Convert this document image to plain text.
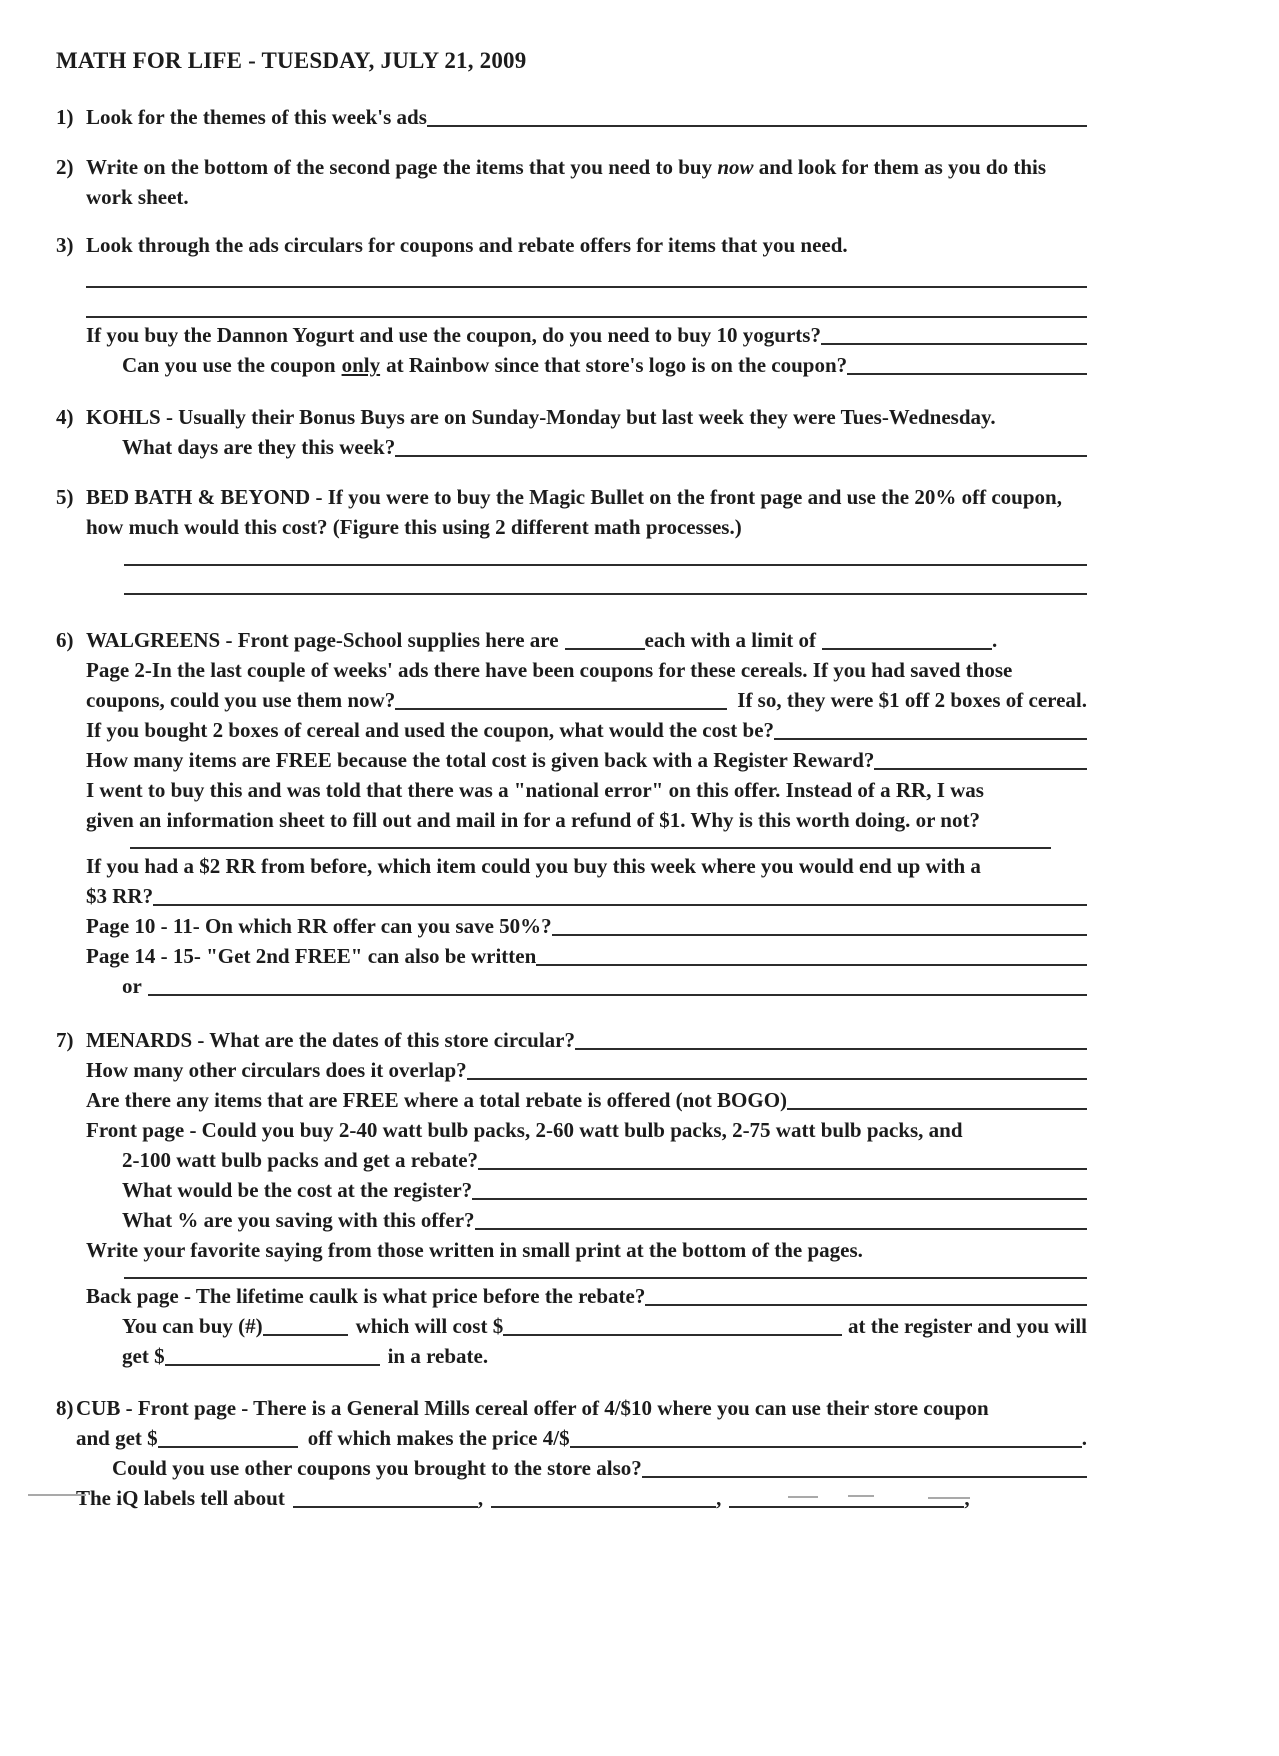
MATH FOR LIFE - TUESDAY, JULY 21, 2009
1) Look for the themes of this week's ads
2) Write on the bottom of the second page the items that you need to buy now and look for them as you do this work sheet.
3) Look through the ads circulars for coupons and rebate offers for items that you need.
If you buy the Dannon Yogurt and use the coupon, do you need to buy 10 yogurts?
Can you use the coupon only at Rainbow since that store's logo is on the coupon?
4) KOHLS - Usually their Bonus Buys are on Sunday-Monday but last week they were Tues-Wednesday.
What days are they this week?
5) BED BATH & BEYOND - If you were to buy the Magic Bullet on the front page and use the 20% off coupon, how much would this cost? (Figure this using 2 different math processes.)
6) WALGREENS - Front page-School supplies here are	each with a limit of	.
Page 2-In the last couple of weeks' ads there have been coupons for these cereals. If you had saved those
coupons, could you use them now?	If so, they were $1 off 2 boxes of cereal.
If you bought 2 boxes of cereal and used the coupon, what would the cost be?
How many items are FREE because the total cost is given back with a Register Reward?
I went to buy this and was told that there was a "national error" on this offer. Instead of a RR, I was
given an information sheet to fill out and mail in for a refund of $1. Why is this worth doing. or not?
If you had a $2 RR from before, which item could you buy this week where you would end up with a
$3 RR?
Page 10 - 11- On which RR offer can you save 50%?
Page 14 - 15- "Get 2nd FREE" can also be written
or
7) MENARDS - What are the dates of this store circular?
How many other circulars does it overlap?
Are there any items that are FREE where a total rebate is offered (not BOGO)
Front page - Could you buy 2-40 watt bulb packs, 2-60 watt bulb packs, 2-75 watt bulb packs, and
2-100 watt bulb packs and get a rebate?
What would be the cost at the register?
What % are you saving with this offer?
Write your favorite saying from those written in small print at the bottom of the pages.
Back page - The lifetime caulk is what price before the rebate?
You can buy (#)	which will cost $	at the register and you will
get $	in a rebate.
8) CUB - Front page - There is a General Mills cereal offer of 4/$10 where you can use their store coupon
and get $	off which makes the price 4/$	.
Could you use other coupons you brought to the store also?
The iQ labels tell about	,	,	,
